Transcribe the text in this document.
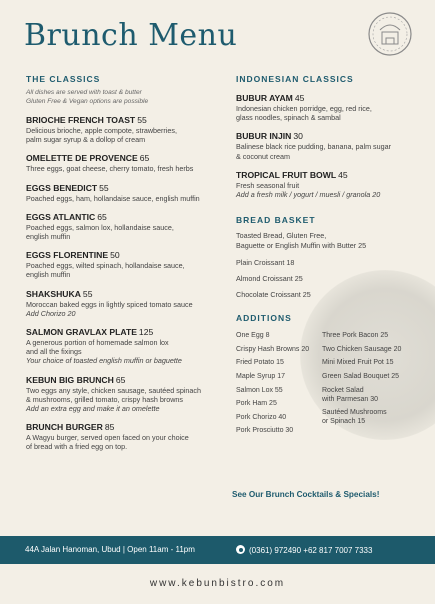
Brunch Menu
THE CLASSICS
All dishes are served with toast & butter
Gluten Free & Vegan options are possible
BRIOCHE FRENCH TOAST 55
Delicious brioche, apple compote, strawberries,
palm sugar syrup & a dollop of cream
OMELETTE DE PROVENCE 65
Three eggs, goat cheese, cherry tomato, fresh herbs
EGGS BENEDICT 55
Poached eggs, ham, hollandaise sauce, english muffin
EGGS ATLANTIC 65
Poached eggs, salmon lox, hollandaise sauce,
english muffin
EGGS FLORENTINE 50
Poached eggs, wilted spinach, hollandaise sauce,
english muffin
SHAKSHUKA 55
Moroccan baked eggs in lightly spiced tomato sauce
Add Chorizo 20
SALMON GRAVLAX PLATE 125
A generous portion of homemade salmon lox
and all the fixings
Your choice of toasted english muffin or baguette
KEBUN BIG BRUNCH 65
Two eggs any style, chicken sausage, sautéed spinach
& mushrooms, grilled tomato, crispy hash browns
Add an extra egg and make it an omelette
BRUNCH BURGER 85
A Wagyu burger, served open faced on your choice
of bread with a fried egg on top.
INDONESIAN CLASSICS
BUBUR AYAM 45
Indonesian chicken porridge, egg, red rice,
glass noodles, spinach & sambal
BUBUR INJIN 30
Balinese black rice pudding, banana, palm sugar
& coconut cream
TROPICAL FRUIT BOWL 45
Fresh seasonal fruit
Add a fresh milk / yogurt / muesli / granola 20
BREAD BASKET
Toasted Bread, Gluten Free,
Baguette or English Muffin with Butter 25
Plain Croissant 18
Almond Croissant 25
Chocolate Croissant 25
ADDITIONS
One Egg 8
Crispy Hash Browns 20
Fried Potato 15
Maple Syrup 17
Salmon Lox 55
Pork Ham 25
Pork Chorizo 40
Pork Prosciutto 30
Three Pork Bacon 25
Two Chicken Sausage 20
Mini Mixed Fruit Pot 15
Green Salad Bouquet 25
Rocket Salad
with Parmesan 30
Sautéed Mushrooms
or Spinach 15
See Our Brunch Cocktails & Specials!
44A Jalan Hanoman, Ubud | Open 11am - 11pm	(0361) 972490 +62 817 7007 7333
www.kebunbistro.com
